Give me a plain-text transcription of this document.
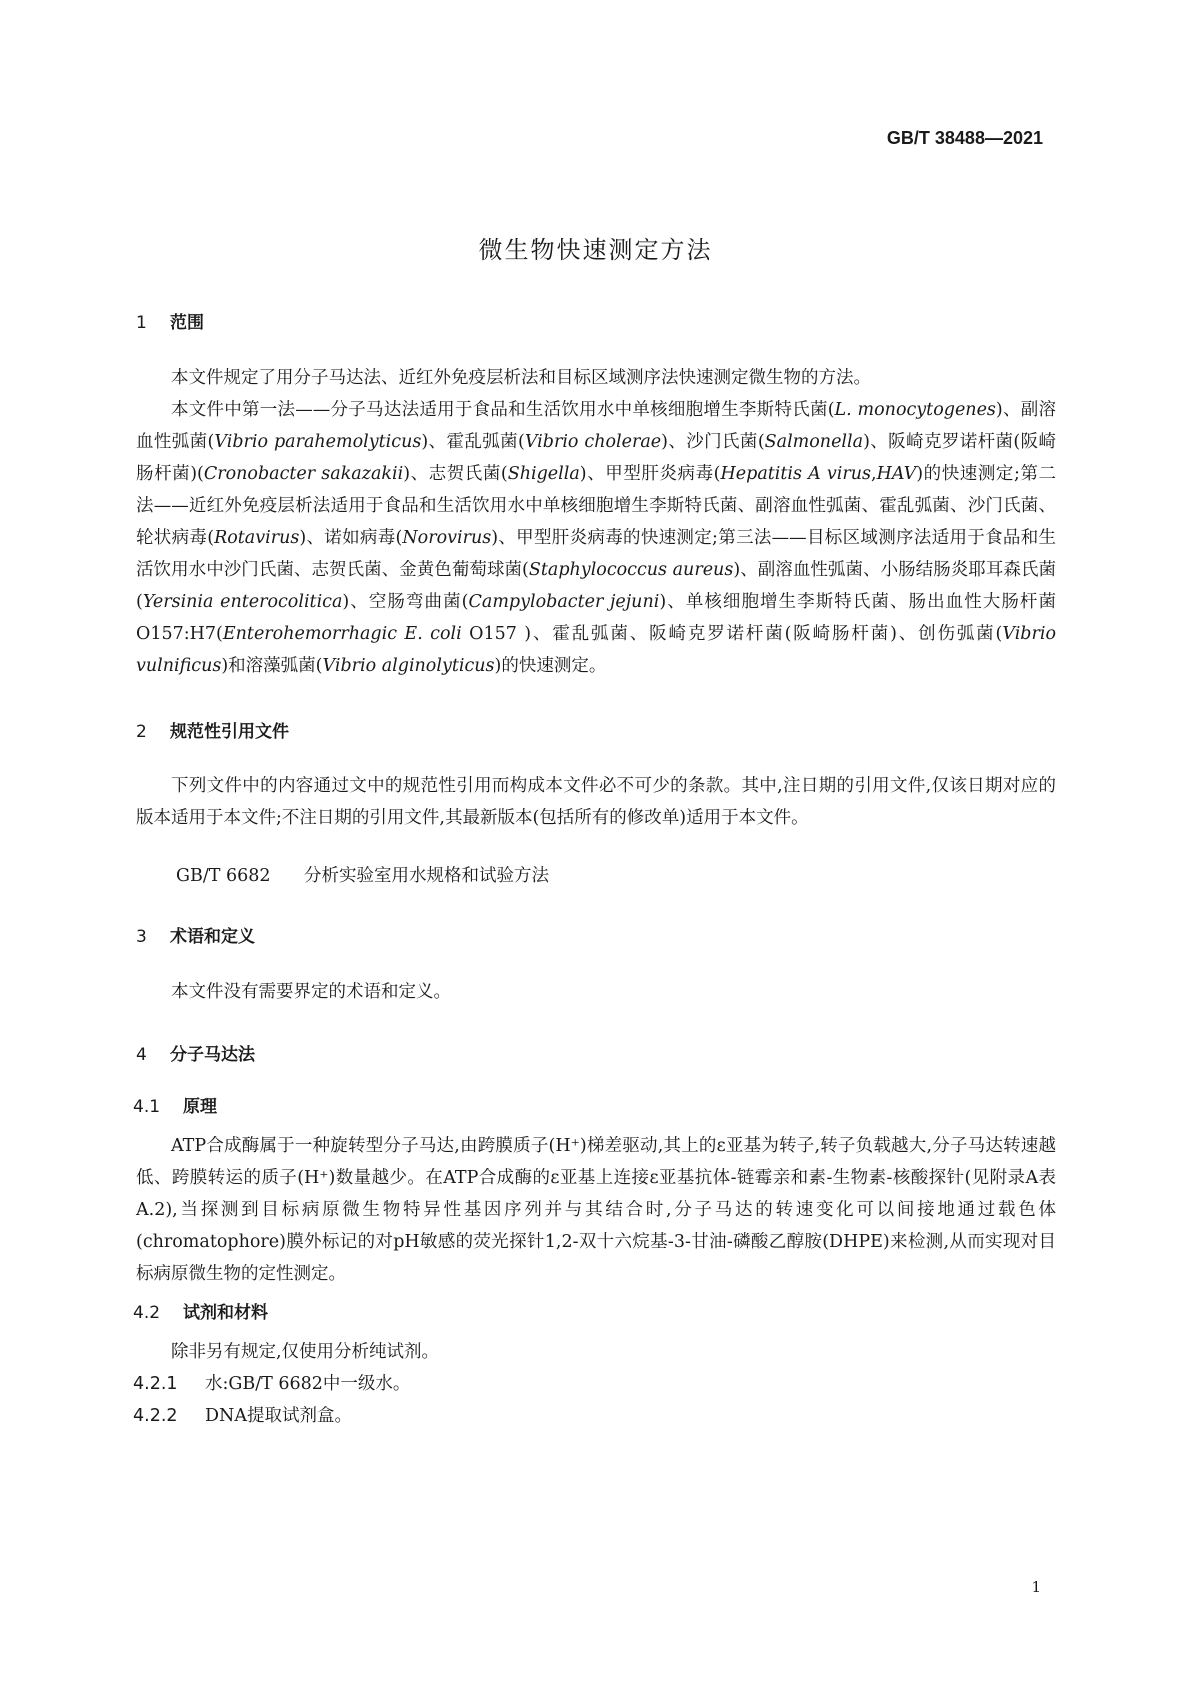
GB/T 38488—2021
微生物快速测定方法
1 范围

本文件规定了用分子马达法、近红外免疫层析法和目标区域测序法快速测定微生物的方法。

本文件中第一法——分子马达法适用于食品和生活饮用水中单核细胞增生李斯特氏菌(L. monocytogenes)、副溶血性弧菌(Vibrio parahemolyticus)、霍乱弧菌(Vibrio cholerae)、沙门氏菌(Salmonella)、阪崎克罗诺杆菌(阪崎肠杆菌)(Cronobacter sakazakii)、志贺氏菌(Shigella)、甲型肝炎病毒(Hepatitis A virus,HAV)的快速测定;第二法——近红外免疫层析法适用于食品和生活饮用水中单核细胞增生李斯特氏菌、副溶血性弧菌、霍乱弧菌、沙门氏菌、轮状病毒(Rotavirus)、诺如病毒(Norovirus)、甲型肝炎病毒的快速测定;第三法——目标区域测序法适用于食品和生活饮用水中沙门氏菌、志贺氏菌、金黄色葡萄球菌(Staphylococcus aureus)、副溶血性弧菌、小肠结肠炎耶耳森氏菌(Yersinia enterocolitica)、空肠弯曲菌(Campylobacter jejuni)、单核细胞增生李斯特氏菌、肠出血性大肠杆菌O157:H7(Enterohemorrhagic E. coli O157 )、霍乱弧菌、阪崎克罗诺杆菌(阪崎肠杆菌)、创伤弧菌(Vibrio vulnificus)和溶藻弧菌(Vibrio alginolyticus)的快速测定。

2 规范性引用文件

下列文件中的内容通过文中的规范性引用而构成本文件必不可少的条款。其中,注日期的引用文件,仅该日期对应的版本适用于本文件;不注日期的引用文件,其最新版本(包括所有的修改单)适用于本文件。

GB/T 6682 分析实验室用水规格和试验方法
3 术语和定义

本文件没有需要界定的术语和定义。

4 分子马达法
4.1 原理

ATP合成酶属于一种旋转型分子马达,由跨膜质子(H⁺)梯差驱动,其上的ε亚基为转子,转子负载越大,分子马达转速越低、跨膜转运的质子(H⁺)数量越少。在ATP合成酶的ε亚基上连接ε亚基抗体-链霉亲和素-生物素-核酸探针(见附录A表A.2),当探测到目标病原微生物特异性基因序列并与其结合时,分子马达的转速变化可以间接地通过载色体(chromatophore)膜外标记的对pH敏感的荧光探针1,2-双十六烷基-3-甘油-磷酸乙醇胺(DHPE)来检测,从而实现对目标病原微生物的定性测定。

4.2 试剂和材料

除非另有规定,仅使用分析纯试剂。

4.2.1 水:GB/T 6682中一级水。
4.2.2 DNA提取试剂盒。
1
